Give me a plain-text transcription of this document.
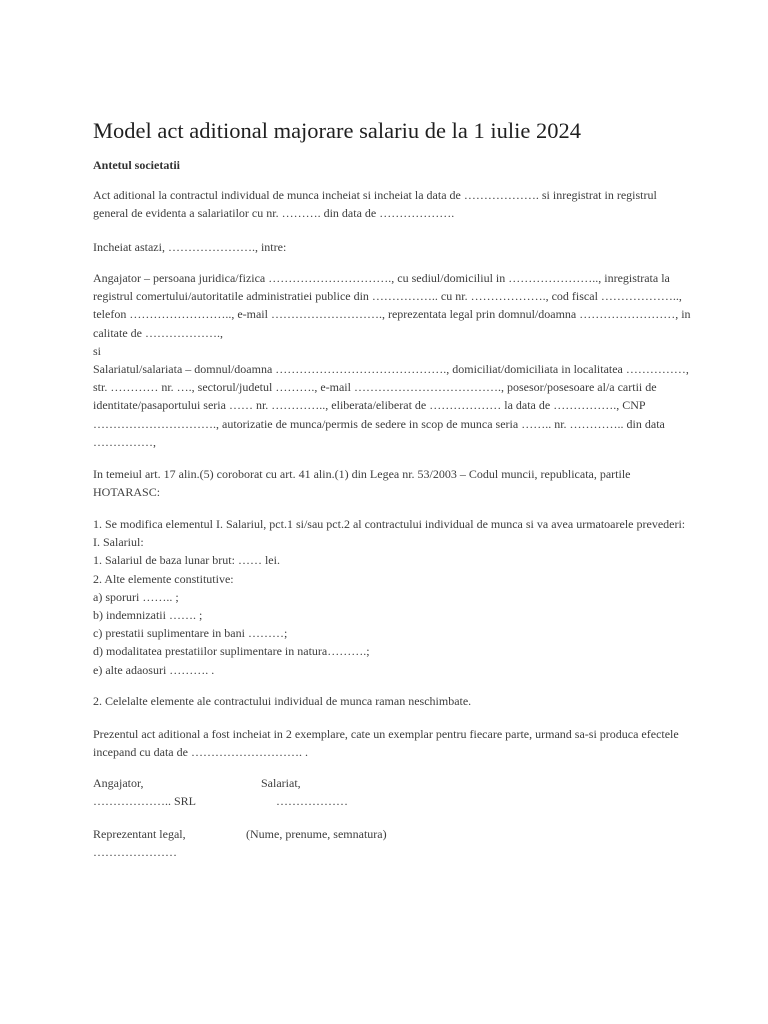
Model act aditional majorare salariu de la 1 iulie 2024

Antetul societatii

Act aditional la contractul individual de munca incheiat si incheiat la data de ………………. si inregistrat in registrul
general de evidenta a salariatilor cu nr. ………. din data de ……………….

Incheiat astazi, …………………., intre:

Angajator – persoana juridica/fizica …………………………., cu sediul/domiciliul in ………………….., inregistrata la
registrul comertului/autoritatile administratiei publice din …………….. cu nr. ………………., cod fiscal ………………..,
telefon …………………….., e-mail ………………………., reprezentata legal prin domnul/doamna ……………………, in
calitate de ……………….,
si
Salariatul/salariata – domnul/doamna ……………………………………., domiciliat/domiciliata in localitatea ……………,
str. ………… nr. …., sectorul/judetul ………., e-mail ………………………………., posesor/posesoare al/a cartii de
identitate/pasaportului seria …… nr. ………….., eliberata/eliberat de ……………… la data de ……………., CNP
…………………………., autorizatie de munca/permis de sedere in scop de munca seria …….. nr. ………….. din data
……………,

In temeiul art. 17 alin.(5) coroborat cu art. 41 alin.(1) din Legea nr. 53/2003 – Codul muncii, republicata, partile
HOTARASC:

1. Se modifica elementul I. Salariul, pct.1 si/sau pct.2 al contractului individual de munca si va avea urmatoarele prevederi:
I. Salariul:
1. Salariul de baza lunar brut: …… lei.
2. Alte elemente constitutive:
a) sporuri …….. ;
b) indemnizatii ……. ;
c) prestatii suplimentare in bani ………;
d) modalitatea prestatiilor suplimentare in natura……….;
e) alte adaosuri ………. .

2. Celelalte elemente ale contractului individual de munca raman neschimbate.

Prezentul act aditional a fost incheiat in 2 exemplare, cate un exemplar pentru fiecare parte, urmand sa-si produca efectele
incepand cu data de ………………………. .

Angajator,	Salariat,
……………….. SRL	………………
Reprezentant legal,	(Nume, prenume, semnatura)
…………………
